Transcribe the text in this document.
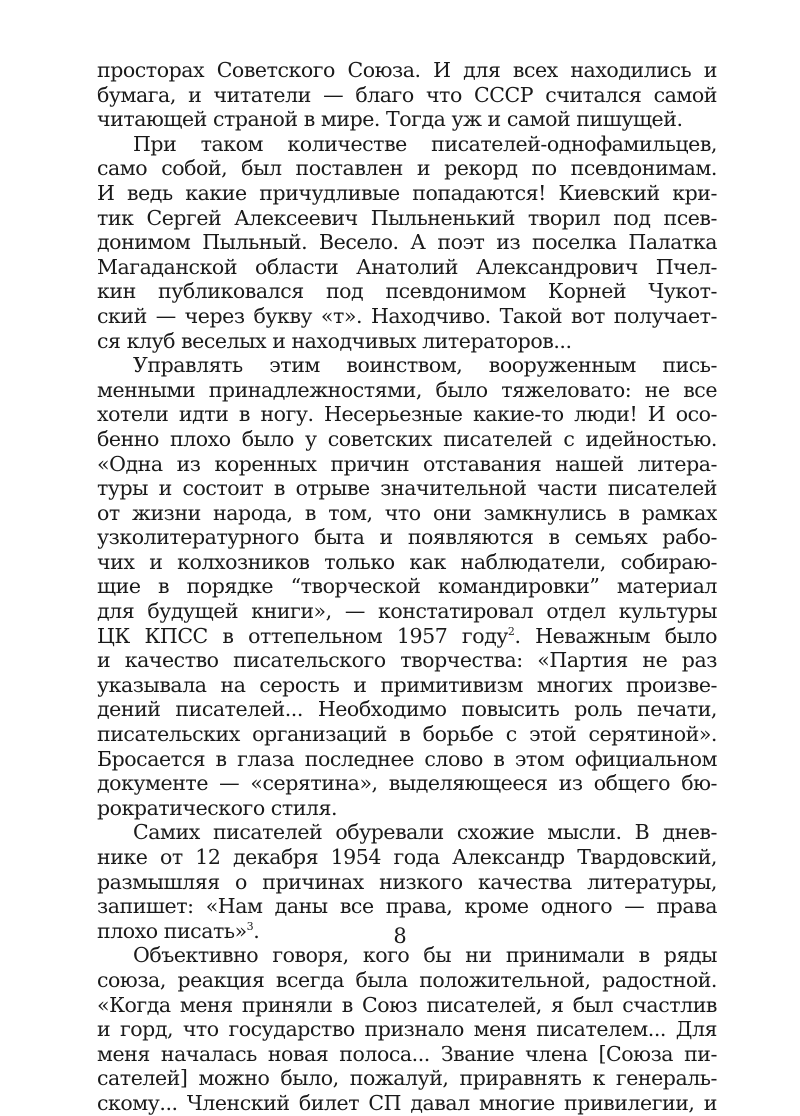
просторах Советского Союза. И для всех находились и
бумага, и читатели — благо что СССР считался самой
читающей страной в мире. Тогда уж и самой пишущей.
При таком количестве писателей-однофамильцев,
само собой, был поставлен и рекорд по псевдонимам.
И ведь какие причудливые попадаются! Киевский кри-
тик Сергей Алексеевич Пыльненький творил под псев-
донимом Пыльный. Весело. А поэт из поселка Палатка
Магаданской области Анатолий Александрович Пчел-
кин публиковался под псевдонимом Корней Чукот-
ский — через букву «т». Находчиво. Такой вот получает-
ся клуб веселых и находчивых литераторов...
Управлять этим воинством, вооруженным пись-
менными принадлежностями, было тяжеловато: не все
хотели идти в ногу. Несерьезные какие-то люди! И осо-
бенно плохо было у советских писателей с идейностью.
«Одна из коренных причин отставания нашей литера-
туры и состоит в отрыве значительной части писателей
от жизни народа, в том, что они замкнулись в рамках
узколитературного быта и появляются в семьях рабо-
чих и колхозников только как наблюдатели, собираю-
щие в порядке “творческой командировки” материал
для будущей книги», — констатировал отдел культуры
ЦК КПСС в оттепельном 1957 году$^2$. Неважным было
и качество писательского творчества: «Партия не раз
указывала на серость и примитивизм многих произве-
дений писателей... Необходимо повысить роль печати,
писательских организаций в борьбе с этой серятиной».
Бросается в глаза последнее слово в этом официальном
документе — «серятина», выделяющееся из общего бю-
рократического стиля.
Самих писателей обуревали схожие мысли. В днев-
нике от 12 декабря 1954 года Александр Твардовский,
размышляя о причинах низкого качества литературы,
запишет: «Нам даны все права, кроме одного — права
плохо писать»$^3$.
Объективно говоря, кого бы ни принимали в ряды
союза, реакция всегда была положительной, радостной.
«Когда меня приняли в Союз писателей, я был счастлив
и горд, что государство признало меня писателем... Для
меня началась новая полоса... Звание члена [Союза пи-
сателей] можно было, пожалуй, приравнять к генераль-
скому... Членский билет СП давал многие привилегии, и
8
